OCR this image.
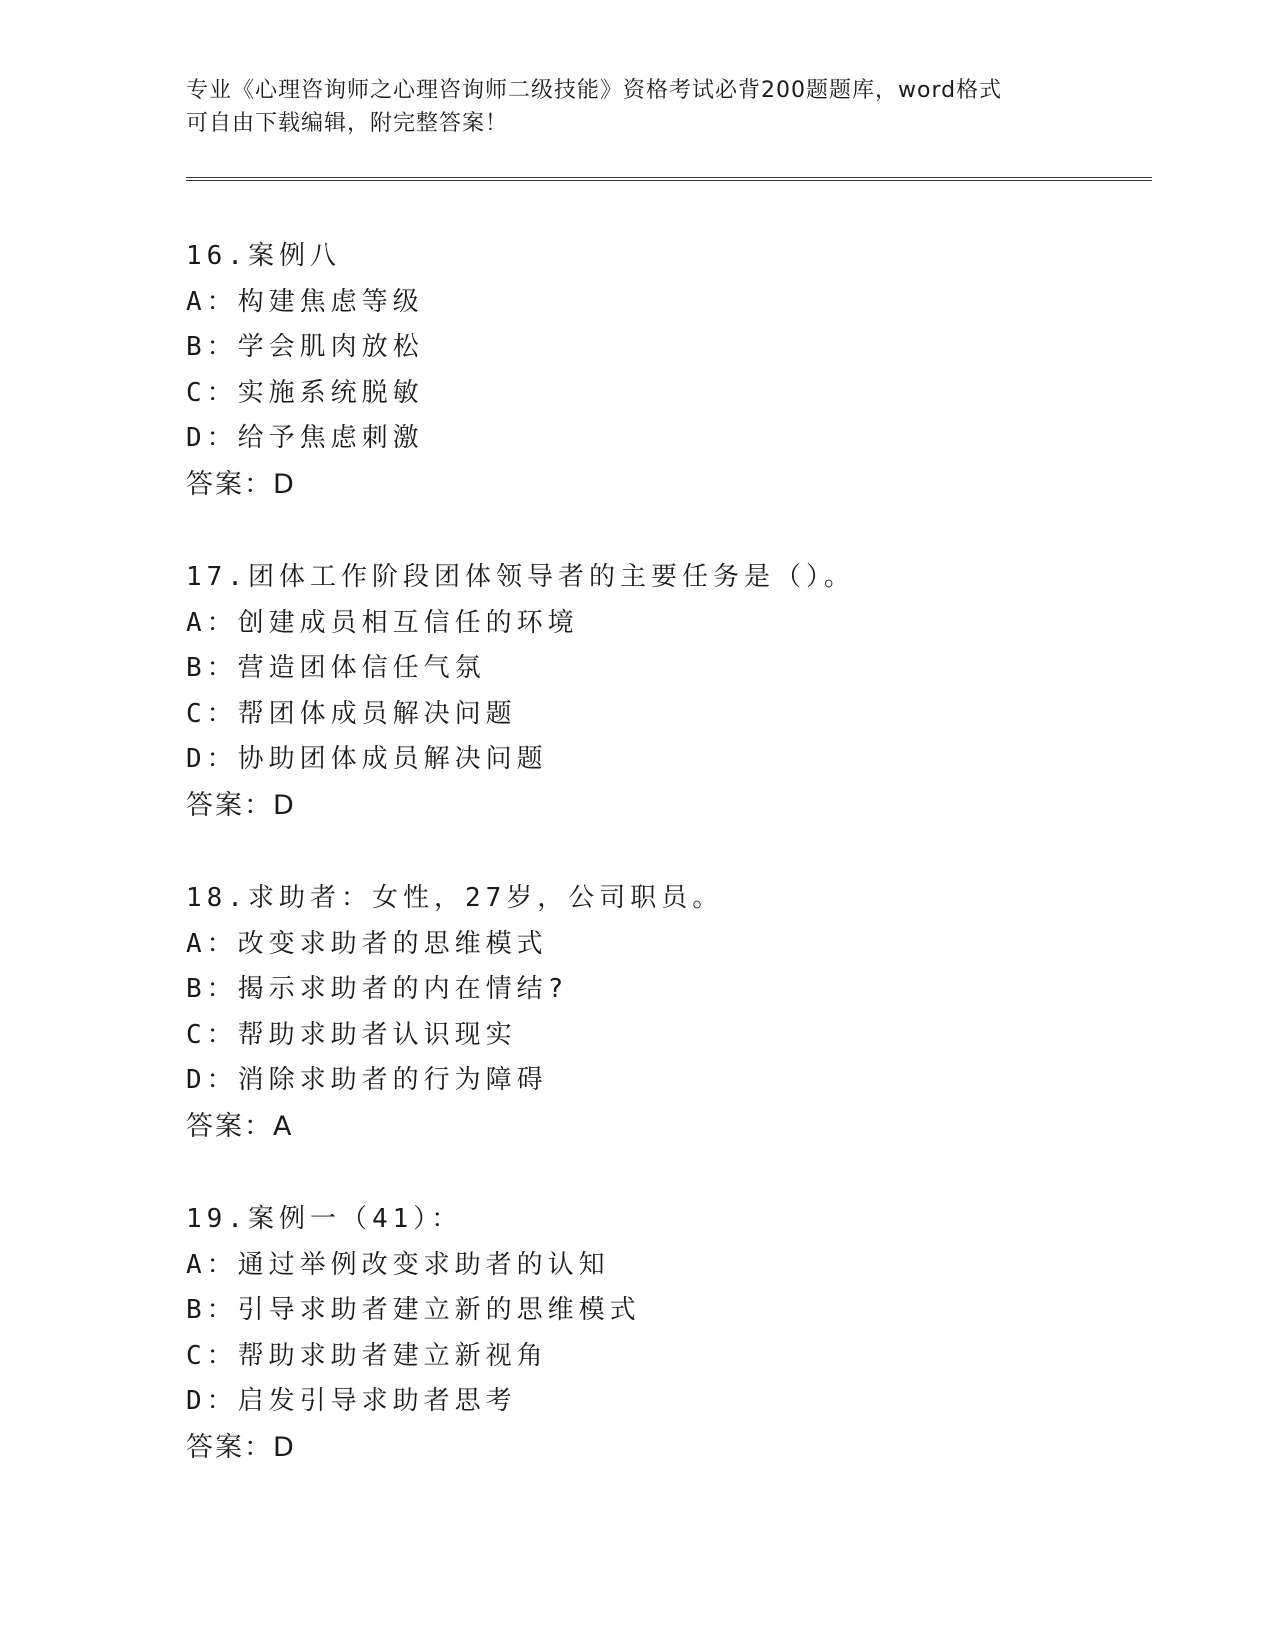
专业《心理咨询师之心理咨询师二级技能》资格考试必背200题题库，word格式
可自由下载编辑，附完整答案！
16.案例八
A：构建焦虑等级
B：学会肌肉放松
C：实施系统脱敏
D：给予焦虑刺激
答案：D
17.团体工作阶段团体领导者的主要任务是（）。
A：创建成员相互信任的环境
B：营造团体信任气氛
C：帮团体成员解决问题
D：协助团体成员解决问题
答案：D
18.求助者：女性，27岁，公司职员。
A：改变求助者的思维模式
B：揭示求助者的内在情结?
C：帮助求助者认识现实
D：消除求助者的行为障碍
答案：A
19.案例一（41）：
A：通过举例改变求助者的认知
B：引导求助者建立新的思维模式
C：帮助求助者建立新视角
D：启发引导求助者思考
答案：D
